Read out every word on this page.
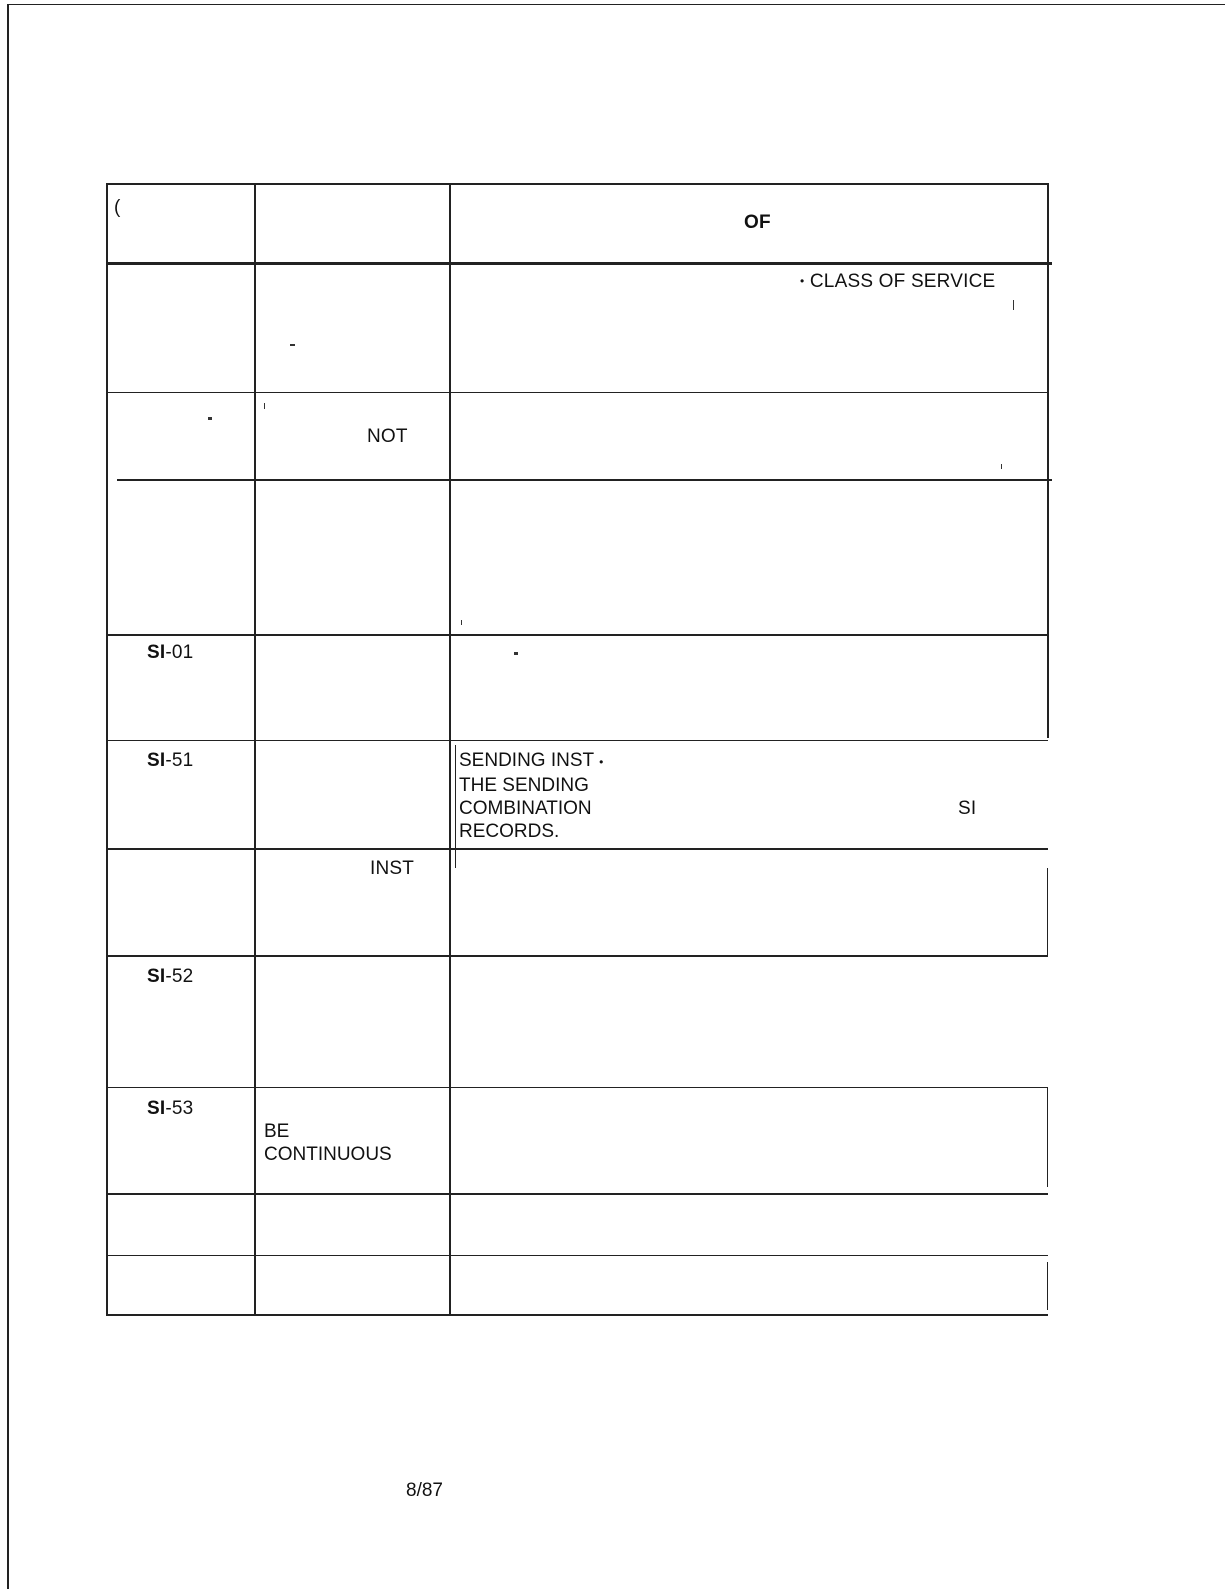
(
OF
• CLASS OF SERVICE
NOT
SI-01
SI-51	SENDING INST •
THE SENDING
COMBINATION
RECORDS.
SI
INST
SI-52
SI-53
BE
CONTINUOUS
8/87
